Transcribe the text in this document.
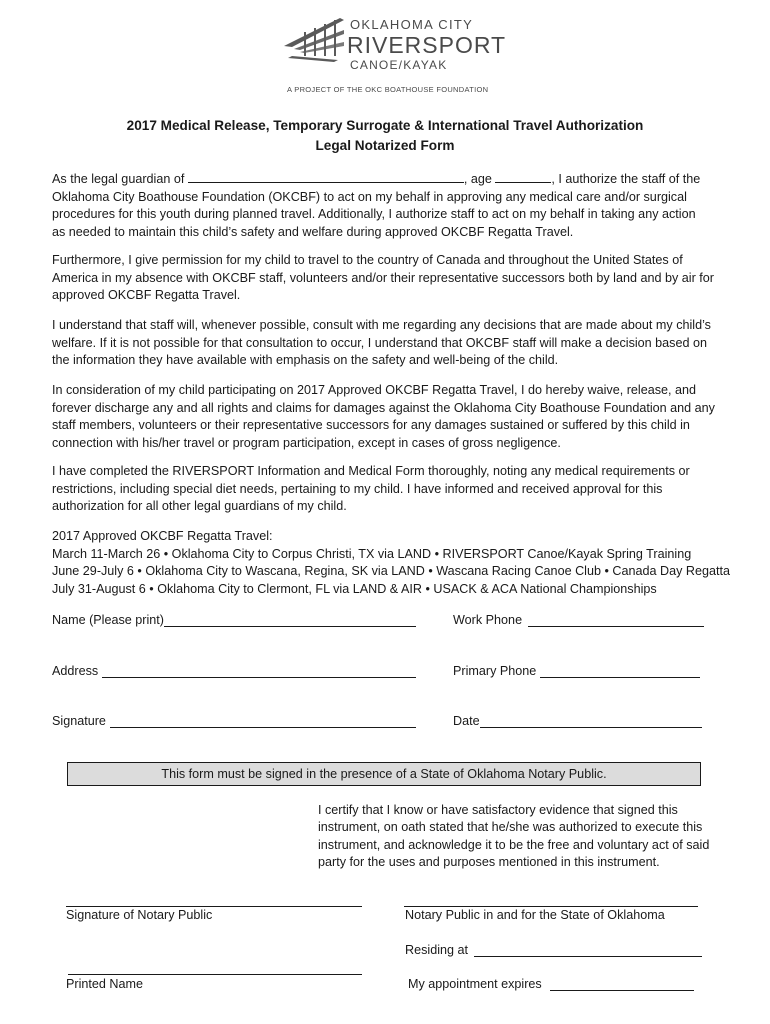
OKLAHOMA CITY
RIVERSPORT
CANOE/KAYAK
A PROJECT OF THE OKC BOATHOUSE FOUNDATION
2017 Medical Release, Temporary Surrogate & International Travel Authorization
Legal Notarized Form
As the legal guardian of	, age	, I authorize the staff of the
Oklahoma City Boathouse Foundation (OKCBF) to act on my behalf in approving any medical care and/or surgical
procedures for this youth during planned travel. Additionally, I authorize staff to act on my behalf in taking any action
as needed to maintain this child’s safety and welfare during approved OKCBF Regatta Travel.
Furthermore, I give permission for my child to travel to the country of Canada and throughout the United States of
America in my absence with OKCBF staff, volunteers and/or their representative successors both by land and by air for
approved OKCBF Regatta Travel.
I understand that staff will, whenever possible, consult with me regarding any decisions that are made about my child’s
welfare. If it is not possible for that consultation to occur, I understand that OKCBF staff will make a decision based on
the information they have available with emphasis on the safety and well-being of the child.
In consideration of my child participating on 2017 Approved OKCBF Regatta Travel, I do hereby waive, release, and
forever discharge any and all rights and claims for damages against the Oklahoma City Boathouse Foundation and any
staff members, volunteers or their representative successors for any damages sustained or suffered by this child in
connection with his/her travel or program participation, except in cases of gross negligence.
I have completed the RIVERSPORT Information and Medical Form thoroughly, noting any medical requirements or
restrictions, including special diet needs, pertaining to my child. I have informed and received approval for this
authorization for all other legal guardians of my child.
2017 Approved OKCBF Regatta Travel:
March 11-March 26 • Oklahoma City to Corpus Christi, TX via LAND • RIVERSPORT Canoe/Kayak Spring Training
June 29-July 6 • Oklahoma City to Wascana, Regina, SK via LAND • Wascana Racing Canoe Club • Canada Day Regatta
July 31-August 6 • Oklahoma City to Clermont, FL via LAND & AIR • USACK & ACA National Championships
Name (Please print)	Work Phone
Address	Primary Phone
Signature	Date
This form must be signed in the presence of a State of Oklahoma Notary Public.
I certify that I know or have satisfactory evidence that signed this
instrument, on oath stated that he/she was authorized to execute this
instrument, and acknowledge it to be the free and voluntary act of said
party for the uses and purposes mentioned in this instrument.
Signature of Notary Public	Notary Public in and for the State of Oklahoma
Residing at
Printed Name	My appointment expires
